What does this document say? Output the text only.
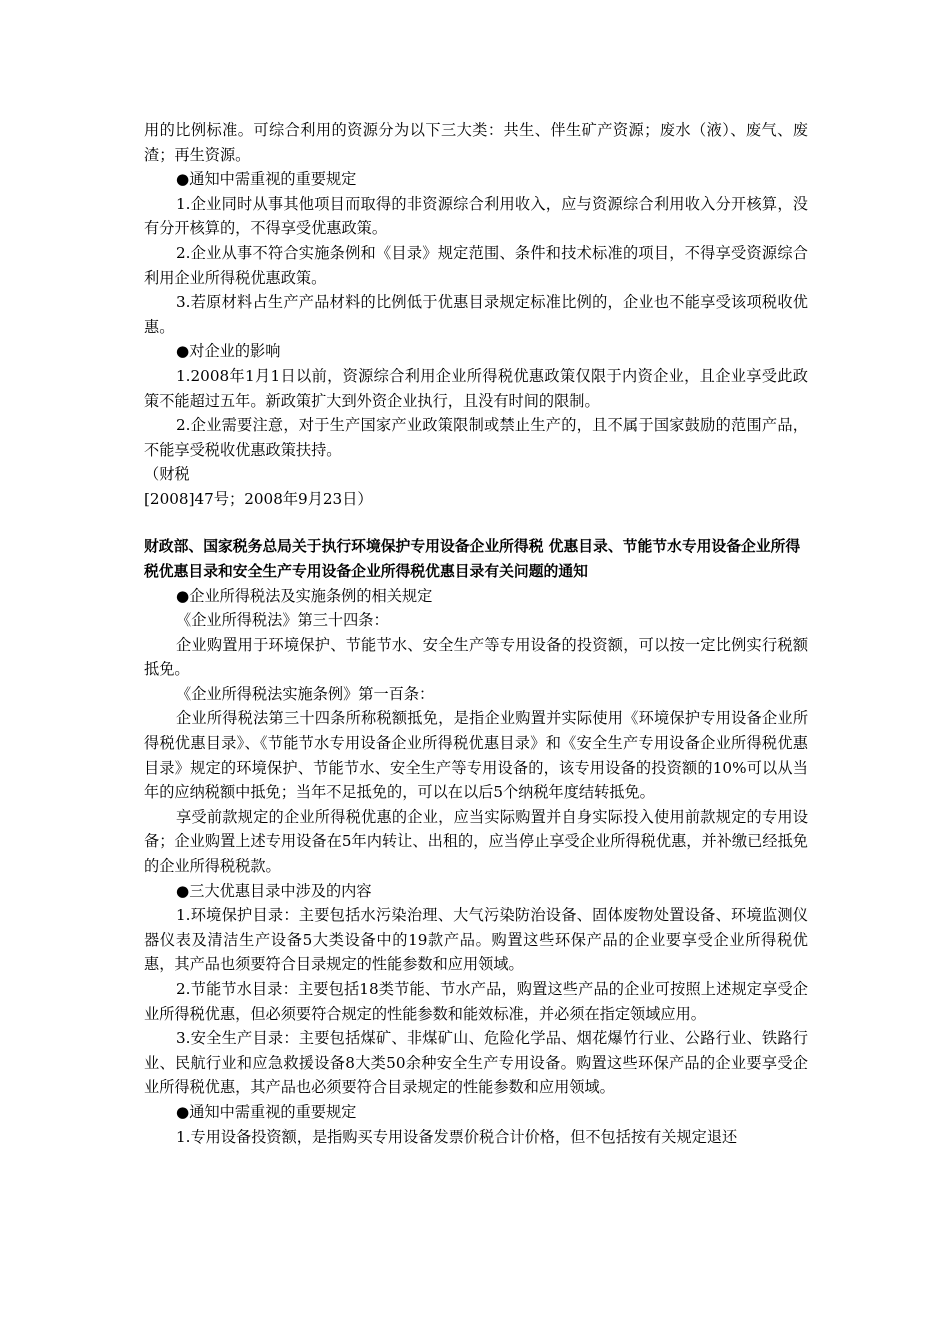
用的比例标准。可综合利用的资源分为以下三大类：共生、伴生矿产资源；废水（液）、废气、废渣；再生资源。

●通知中需重视的重要规定

1.企业同时从事其他项目而取得的非资源综合利用收入，应与资源综合利用收入分开核算，没有分开核算的，不得享受优惠政策。

2.企业从事不符合实施条例和《目录》规定范围、条件和技术标准的项目，不得享受资源综合利用企业所得税优惠政策。

3.若原材料占生产产品材料的比例低于优惠目录规定标准比例的，企业也不能享受该项税收优惠。

●对企业的影响

1.2008年1月1日以前，资源综合利用企业所得税优惠政策仅限于内资企业，且企业享受此政策不能超过五年。新政策扩大到外资企业执行，且没有时间的限制。

2.企业需要注意，对于生产国家产业政策限制或禁止生产的，且不属于国家鼓励的范围产品，不能享受税收优惠政策扶持。

（财税

[2008]47号；2008年9月23日）

财政部、国家税务总局关于执行环境保护专用设备企业所得税 优惠目录、节能节水专用设备企业所得税优惠目录和安全生产专用设备企业所得税优惠目录有关问题的通知

●企业所得税法及实施条例的相关规定

《企业所得税法》第三十四条：

企业购置用于环境保护、节能节水、安全生产等专用设备的投资额，可以按一定比例实行税额抵免。

《企业所得税法实施条例》第一百条：

企业所得税法第三十四条所称税额抵免，是指企业购置并实际使用《环境保护专用设备企业所得税优惠目录》、《节能节水专用设备企业所得税优惠目录》和《安全生产专用设备企业所得税优惠目录》规定的环境保护、节能节水、安全生产等专用设备的，该专用设备的投资额的10%可以从当年的应纳税额中抵免；当年不足抵免的，可以在以后5个纳税年度结转抵免。

享受前款规定的企业所得税优惠的企业，应当实际购置并自身实际投入使用前款规定的专用设备；企业购置上述专用设备在5年内转让、出租的，应当停止享受企业所得税优惠，并补缴已经抵免的企业所得税税款。

●三大优惠目录中涉及的内容

1.环境保护目录：主要包括水污染治理、大气污染防治设备、固体废物处置设备、环境监测仪器仪表及清洁生产设备5大类设备中的19款产品。购置这些环保产品的企业要享受企业所得税优惠，其产品也须要符合目录规定的性能参数和应用领域。

2.节能节水目录：主要包括18类节能、节水产品，购置这些产品的企业可按照上述规定享受企业所得税优惠，但必须要符合规定的性能参数和能效标准，并必须在指定领域应用。

3.安全生产目录：主要包括煤矿、非煤矿山、危险化学品、烟花爆竹行业、公路行业、铁路行业、民航行业和应急救援设备8大类50余种安全生产专用设备。购置这些环保产品的企业要享受企业所得税优惠，其产品也必须要符合目录规定的性能参数和应用领域。

●通知中需重视的重要规定

1.专用设备投资额，是指购买专用设备发票价税合计价格，但不包括按有关规定退还
